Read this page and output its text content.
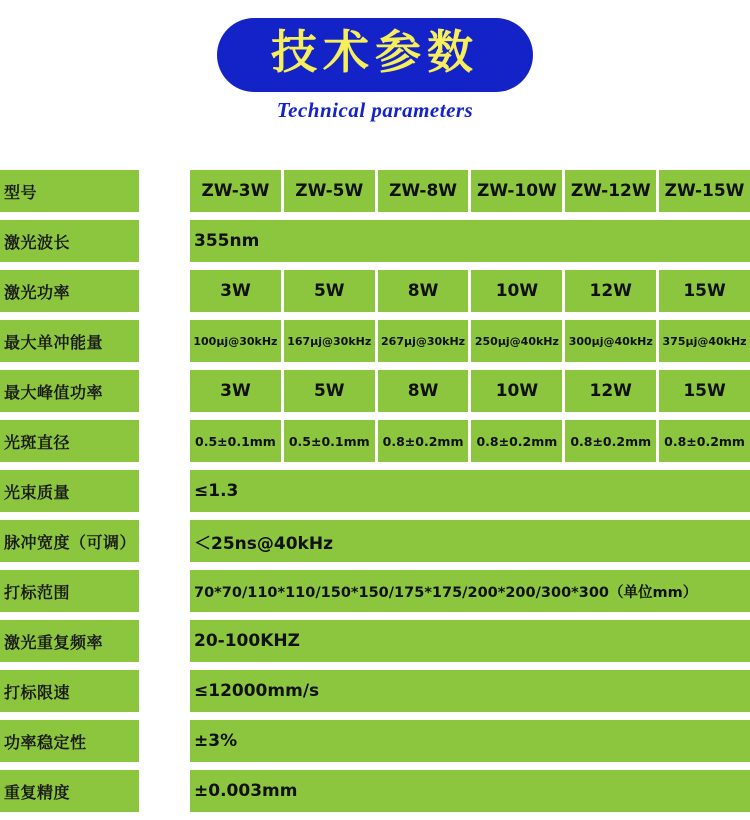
技术参数
Technical parameters
型号	ZW-3W	ZW-5W	ZW-8W	ZW-10W ZW-12W ZW-15W
激光波长	355nm
激光功率	3W	5W	8W	10W	12W	15W
最大单冲能量	100μj@30kHz 167μj@30kHz 267μj@30kHz 250μj@40kHz 300μj@40kHz 375μj@40kHz
最大峰值功率	3W	5W	8W	10W	12W	15W
光斑直径	0.5±0.1mm	0.5±0.1mm	0.8±0.2mm	0.8±0.2mm	0.8±0.2mm	0.8±0.2mm
光束质量	≤1.3
脉冲宽度（可调）	＜25ns@40kHz
打标范围	70*70/110*110/150*150/175*175/200*200/300*300（单位mm）
激光重复频率	20-100KHZ
打标限速	≤12000mm/s
功率稳定性	±3%
重复精度	±0.003mm
